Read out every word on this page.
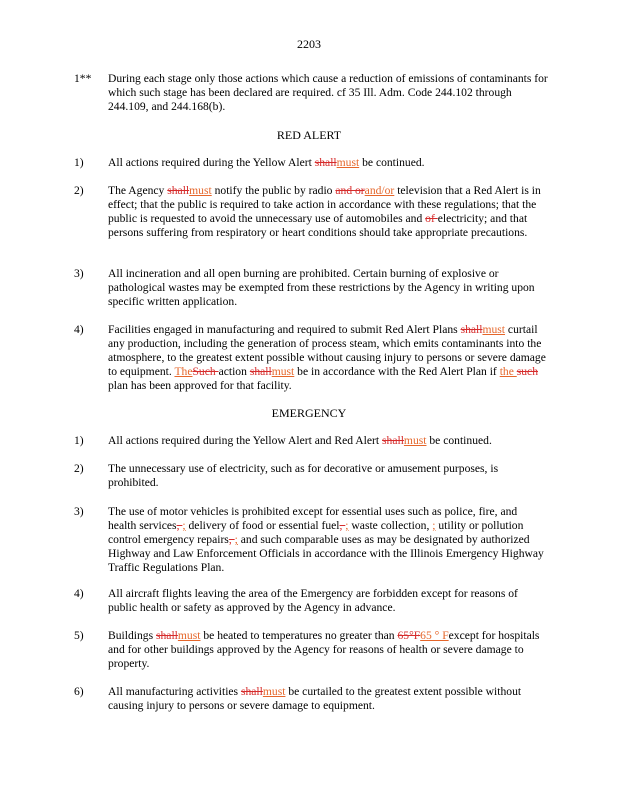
2203
1**	During each stage only those actions which cause a reduction of emissions of contaminants for which such stage has been declared are required. cf 35 Ill. Adm. Code 244.102 through 244.109, and 244.168(b).
RED ALERT
1)	All actions required during the Yellow Alert shallmust be continued.
2)	The Agency shallmust notify the public by radio and orand/or television that a Red Alert is in effect; that the public is required to take action in accordance with these regulations; that the public is requested to avoid the unnecessary use of automobiles and of electricity; and that persons suffering from respiratory or heart conditions should take appropriate precautions.
3)	All incineration and all open burning are prohibited. Certain burning of explosive or pathological wastes may be exempted from these restrictions by the Agency in writing upon specific written application.
4)	Facilities engaged in manufacturing and required to submit Red Alert Plans shallmust curtail any production, including the generation of process steam, which emits contaminants into the atmosphere, to the greatest extent possible without causing injury to persons or severe damage to equipment. TheSuch action shallmust be in accordance with the Red Alert Plan if the such plan has been approved for that facility.
EMERGENCY
1)	All actions required during the Yellow Alert and Red Alert shallmust be continued.
2)	The unnecessary use of electricity, such as for decorative or amusement purposes, is prohibited.
3)	The use of motor vehicles is prohibited except for essential uses such as police, fire, and health services, ; delivery of food or essential fuel, ; waste collection, ; utility or pollution control emergency repairs, ; and such comparable uses as may be designated by authorized Highway and Law Enforcement Officials in accordance with the Illinois Emergency Highway Traffic Regulations Plan.
4)	All aircraft flights leaving the area of the Emergency are forbidden except for reasons of public health or safety as approved by the Agency in advance.
5)	Buildings shallmust be heated to temperatures no greater than 65°F65 ° Fexcept for hospitals and for other buildings approved by the Agency for reasons of health or severe damage to property.
6)	All manufacturing activities shallmust be curtailed to the greatest extent possible without causing injury to persons or severe damage to equipment.
